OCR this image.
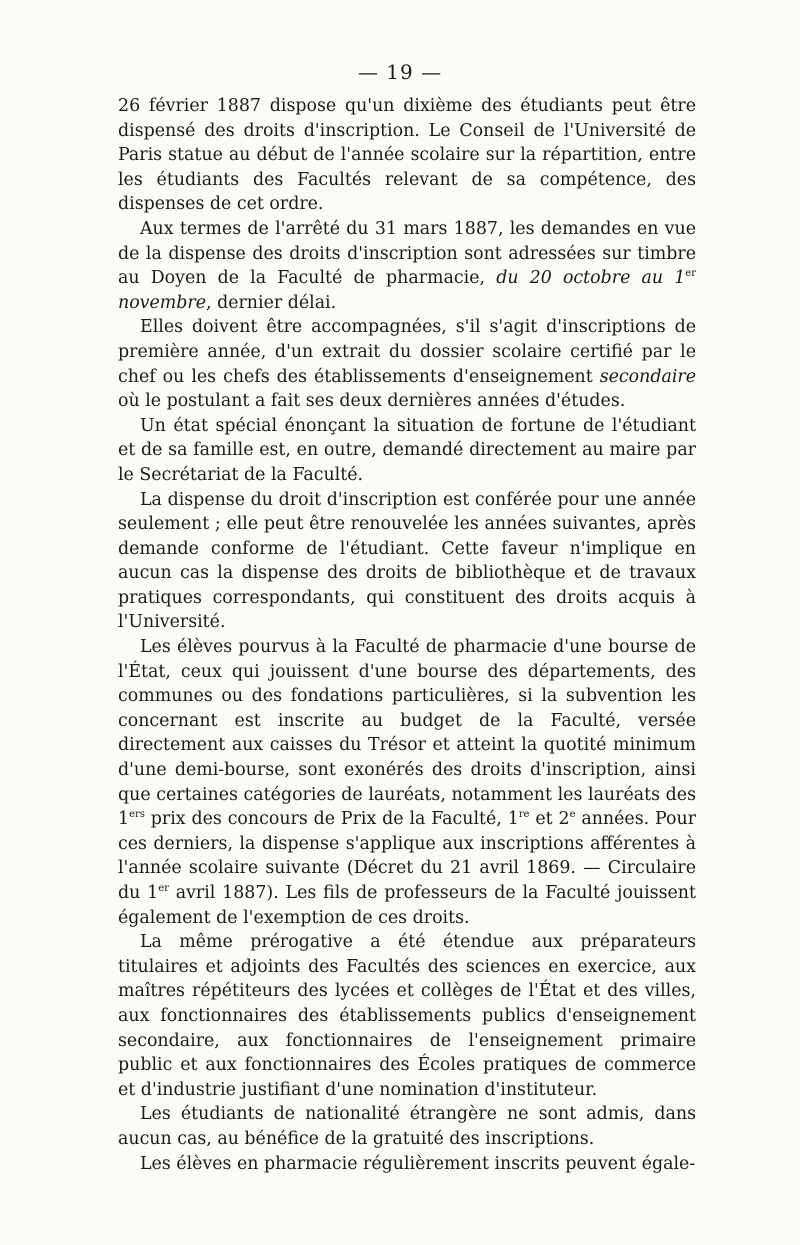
— 19 —

26 février 1887 dispose qu'un dixième des étudiants peut être dispensé des droits d'inscription. Le Conseil de l'Université de Paris statue au début de l'année scolaire sur la répartition, entre les étudiants des Facultés relevant de sa compétence, des dispenses de cet ordre.

Aux termes de l'arrêté du 31 mars 1887, les demandes en vue de la dispense des droits d'inscription sont adressées sur timbre au Doyen de la Faculté de pharmacie, du 20 octobre au 1er novembre, dernier délai.

Elles doivent être accompagnées, s'il s'agit d'inscriptions de première année, d'un extrait du dossier scolaire certifié par le chef ou les chefs des établissements d'enseignement secondaire où le postulant a fait ses deux dernières années d'études.

Un état spécial énonçant la situation de fortune de l'étudiant et de sa famille est, en outre, demandé directement au maire par le Secrétariat de la Faculté.

La dispense du droit d'inscription est conférée pour une année seulement ; elle peut être renouvelée les années suivantes, après demande conforme de l'étudiant. Cette faveur n'implique en aucun cas la dispense des droits de bibliothèque et de travaux pratiques correspondants, qui constituent des droits acquis à l'Université.

Les élèves pourvus à la Faculté de pharmacie d'une bourse de l'État, ceux qui jouissent d'une bourse des départements, des communes ou des fondations particulières, si la subvention les concernant est inscrite au budget de la Faculté, versée directement aux caisses du Trésor et atteint la quotité minimum d'une demi-bourse, sont exonérés des droits d'inscription, ainsi que certaines catégories de lauréats, notamment les lauréats des 1ers prix des concours de Prix de la Faculté, 1re et 2e années. Pour ces derniers, la dispense s'applique aux inscriptions afférentes à l'année scolaire suivante (Décret du 21 avril 1869. — Circulaire du 1er avril 1887). Les fils de professeurs de la Faculté jouissent également de l'exemption de ces droits.

La même prérogative a été étendue aux préparateurs titulaires et adjoints des Facultés des sciences en exercice, aux maîtres répétiteurs des lycées et collèges de l'État et des villes, aux fonctionnaires des établissements publics d'enseignement secondaire, aux fonctionnaires de l'enseignement primaire public et aux fonctionnaires des Écoles pratiques de commerce et d'industrie justifiant d'une nomination d'instituteur.

Les étudiants de nationalité étrangère ne sont admis, dans aucun cas, au bénéfice de la gratuité des inscriptions.

Les élèves en pharmacie régulièrement inscrits peuvent égale-
